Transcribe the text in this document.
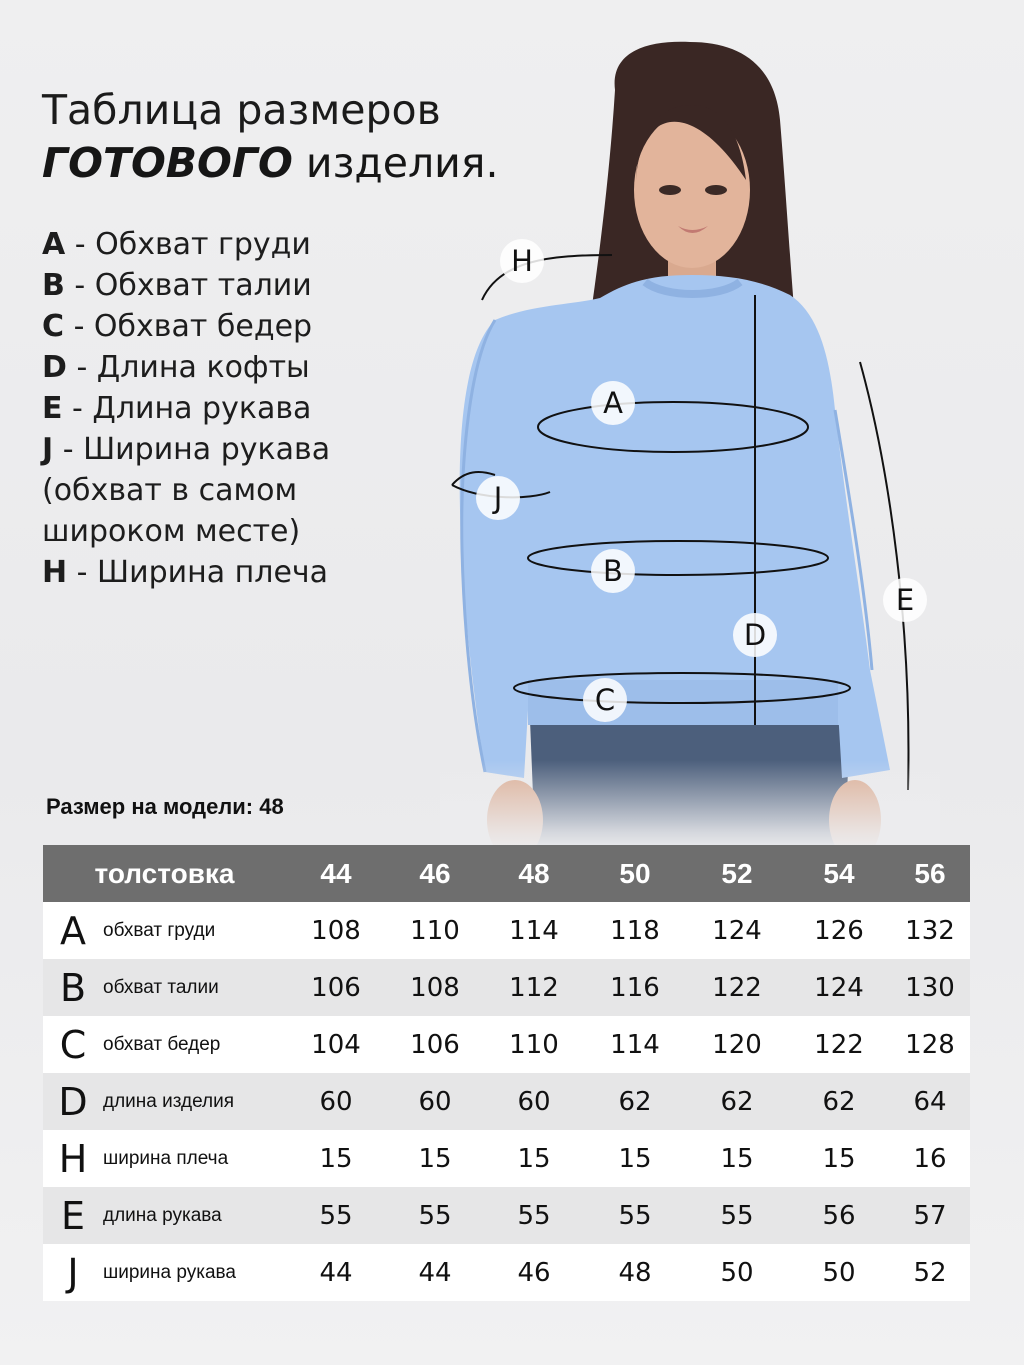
Таблица размеров
ГОТОВОГО изделия.
A - Обхват груди
B - Обхват талии
C - Обхват бедер
D - Длина кофты
E - Длина рукава
J - Ширина рукава
(обхват в самом
широком месте)
H - Ширина плеча
H
A
J
B
D
E
C
Размер на модели: 48
толстовка	44	46	48	50	52	54	56
A обхват груди	108	110	114	118	124	126	132
B обхват талии	106	108	112	116	122	124	130
C обхват бедер	104	106	110	114	120	122	128
D длина изделия	60	60	60	62	62	62	64
H ширина плеча	15	15	15	15	15	15	16
E длина рукава	55	55	55	55	55	56	57
J	ширина рукава	44	44	46	48	50	50	52
